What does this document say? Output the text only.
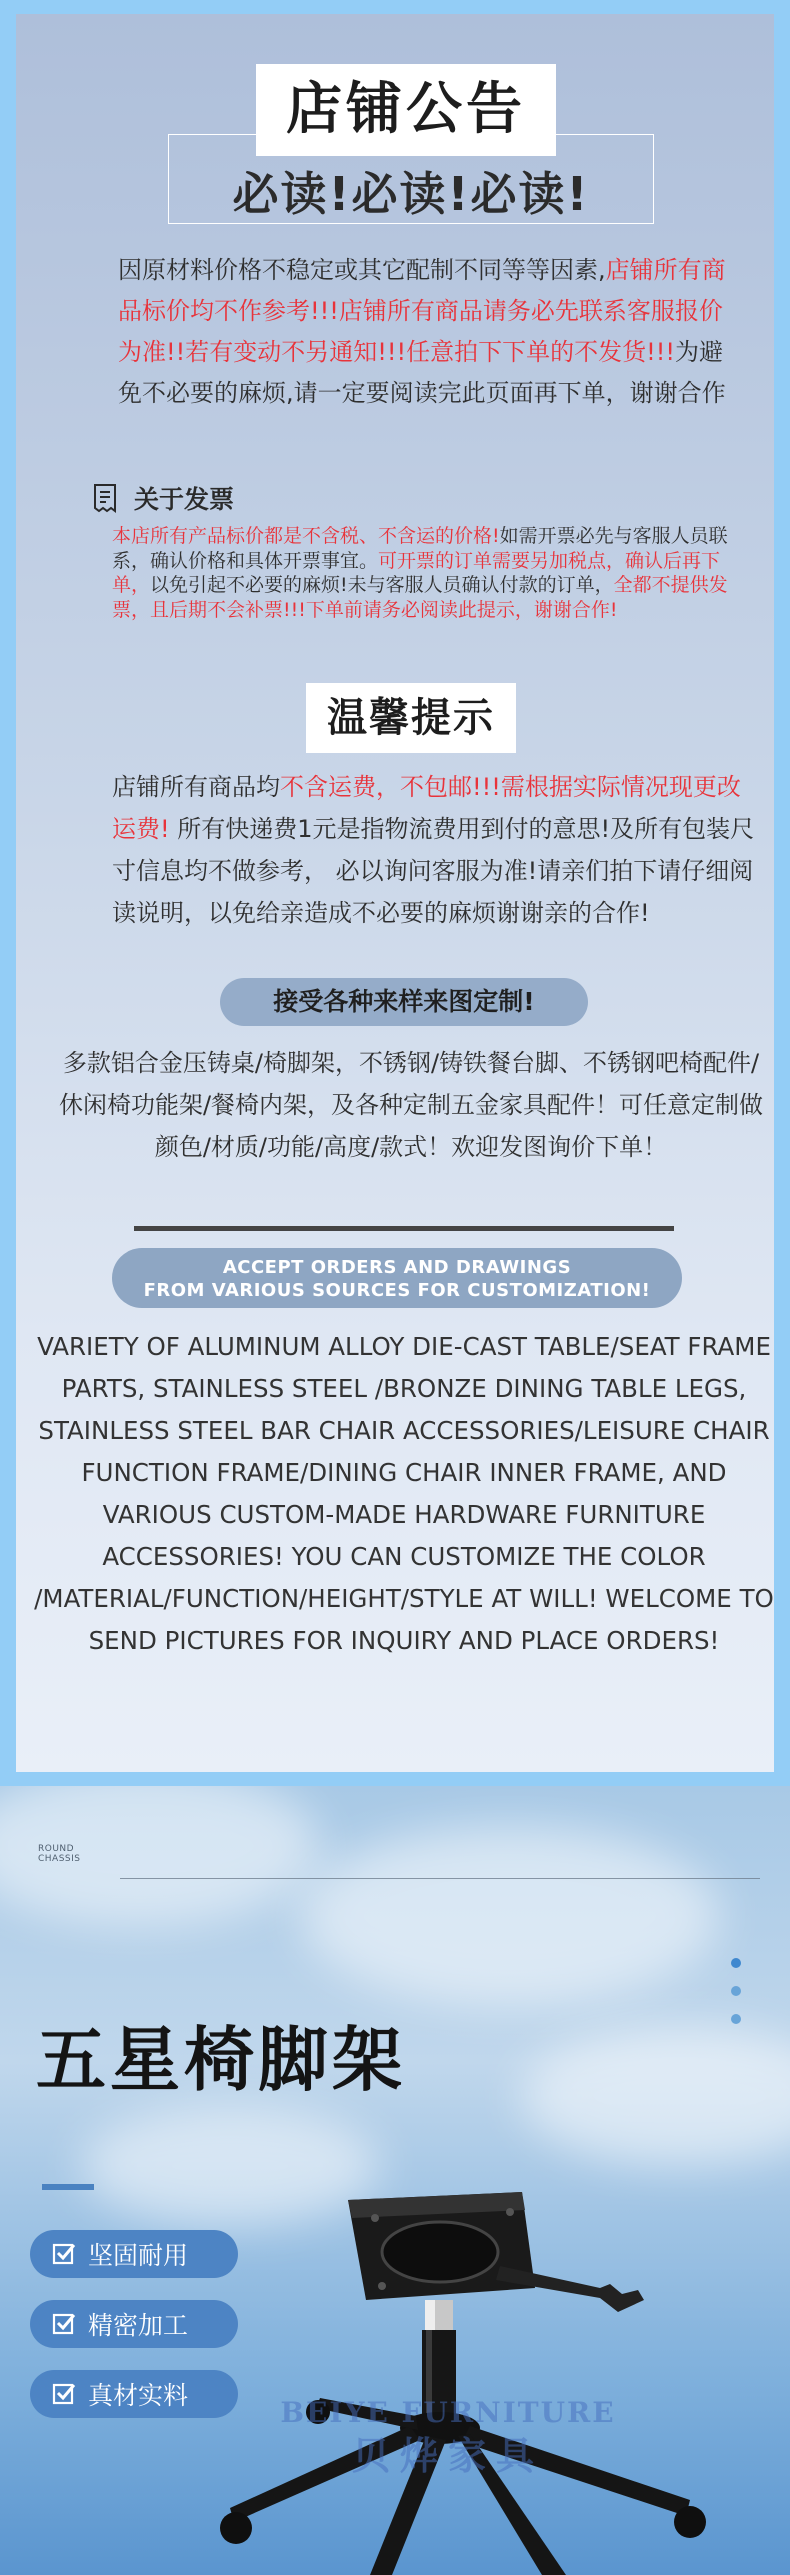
店铺公告
必读!必读!必读!
因原材料价格不稳定或其它配制不同等等因素,店铺所有商品标价均不作参考!!!店铺所有商品请务必先联系客服报价为准!!若有变动不另通知!!!任意拍下下单的不发货!!!为避免不必要的麻烦,请一定要阅读完此页面再下单，谢谢合作
关于发票
本店所有产品标价都是不含税、不含运的价格!如需开票必先与客服人员联系，确认价格和具体开票事宜。可开票的订单需要另加税点，确认后再下单，以免引起不必要的麻烦!未与客服人员确认付款的订单，全都不提供发票，且后期不会补票!!!下单前请务必阅读此提示，谢谢合作!
温馨提示
店铺所有商品均不含运费，不包邮!!!需根据实际情况现更改运费! 所有快递费1元是指物流费用到付的意思!及所有包装尺寸信息均不做参考， 必以询问客服为准!请亲们拍下请仔细阅读说明，以免给亲造成不必要的麻烦谢谢亲的合作!
接受各种来样来图定制!
多款铝合金压铸桌/椅脚架，不锈钢/铸铁餐台脚、不锈钢吧椅配件/休闲椅功能架/餐椅内架，及各种定制五金家具配件！可任意定制做颜色/材质/功能/高度/款式！欢迎发图询价下单！
ACCEPT ORDERS AND DRAWINGS
FROM VARIOUS SOURCES FOR CUSTOMIZATION!
VARIETY OF ALUMINUM ALLOY DIE-CAST TABLE/SEAT FRAME PARTS, STAINLESS STEEL /BRONZE DINING TABLE LEGS, STAINLESS STEEL BAR CHAIR ACCESSORIES/LEISURE CHAIR FUNCTION FRAME/DINING CHAIR INNER FRAME, AND VARIOUS CUSTOM-MADE HARDWARE FURNITURE ACCESSORIES! YOU CAN CUSTOMIZE THE COLOR /MATERIAL/FUNCTION/HEIGHT/STYLE AT WILL! WELCOME TO SEND PICTURES FOR INQUIRY AND PLACE ORDERS!
ROUND
CHASSIS
五星椅脚架
坚固耐用
精密加工
真材实料
BEIYE FURNITURE
贝烨家具
